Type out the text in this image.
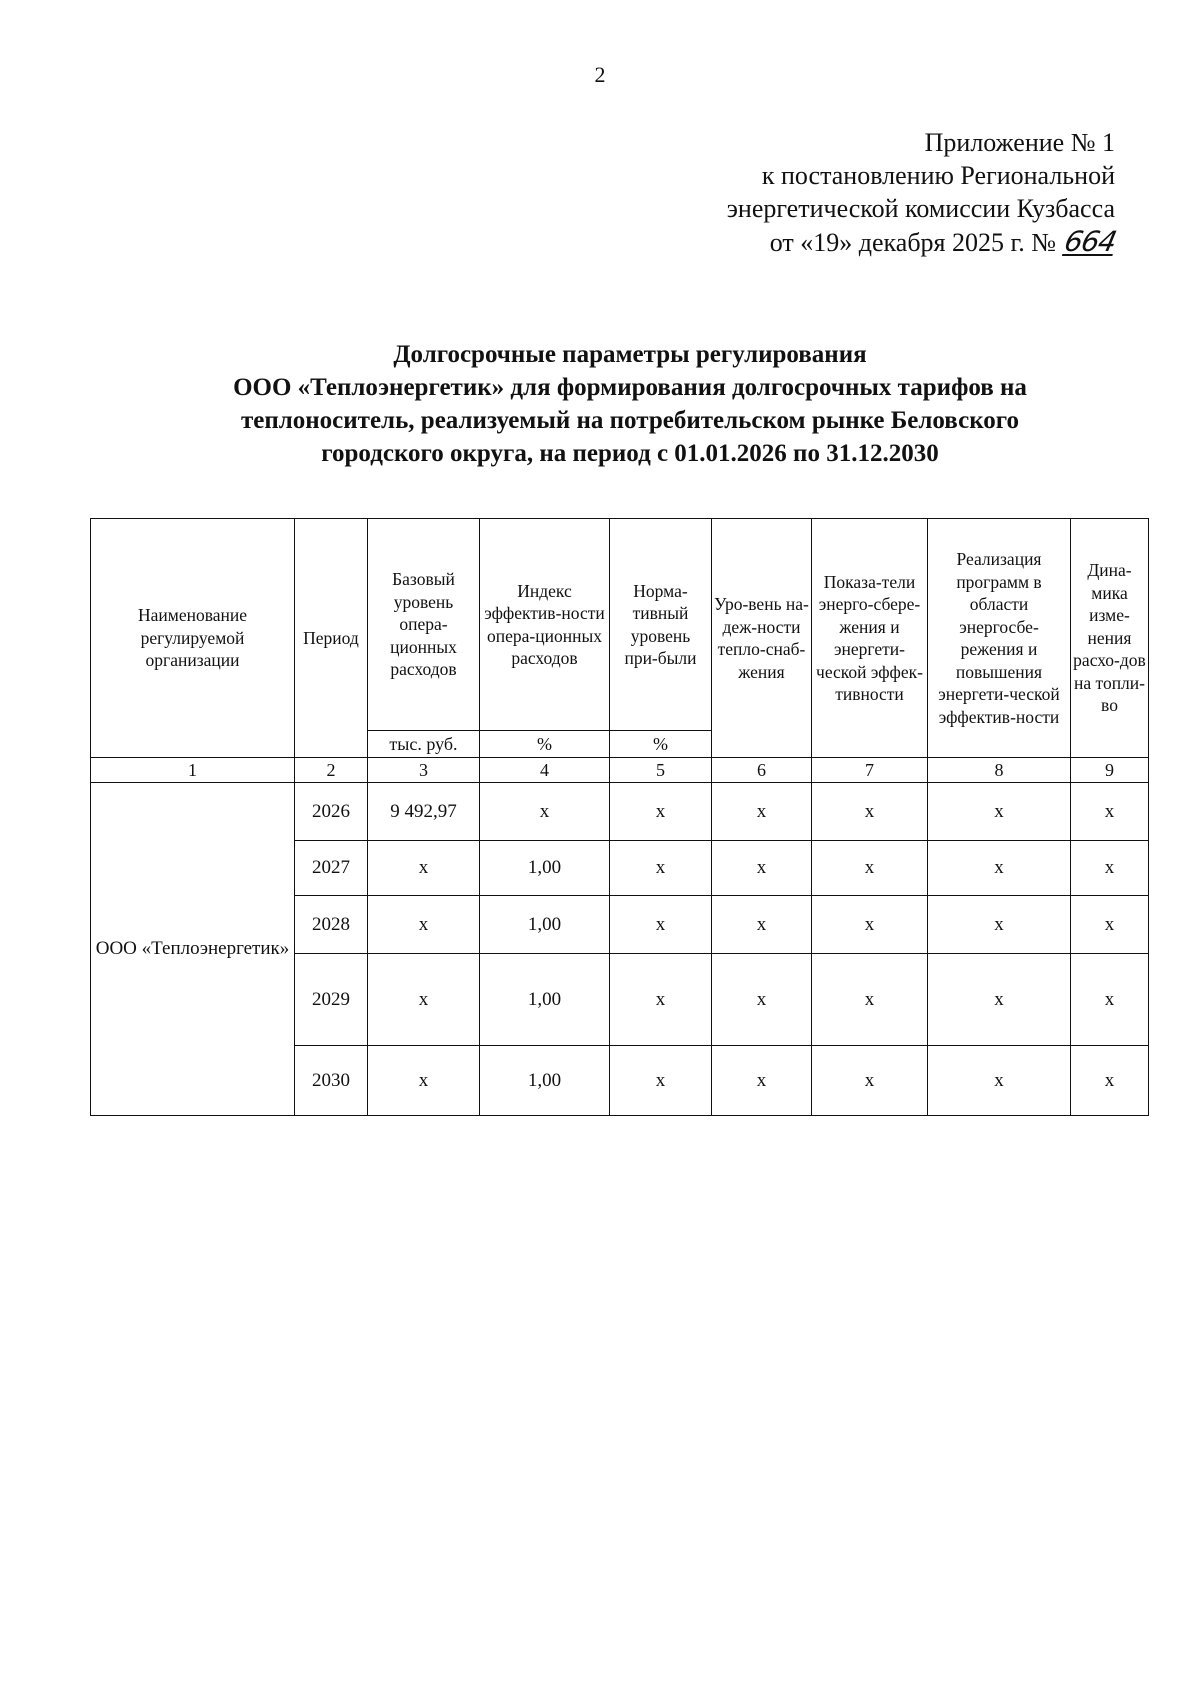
2
Приложение № 1
к постановлению Региональной
энергетической комиссии Кузбасса
от «19» декабря 2025 г. № 664
Долгосрочные параметры регулирования
ООО «Теплоэнергетик» для формирования долгосрочных тарифов на
теплоноситель, реализуемый на потребительском рынке Беловского
городского округа, на период с 01.01.2026 по 31.12.2030
Наименование регулируемой организации	Период	Базовый уровень опера-ционных расходов	Индекс эффектив-ности опера-ционных расходов	Норма-тивный уровень при-были	Уро-вень на-деж-ности тепло-снаб-жения	Показа-тели энерго-сбере-жения и энергети-ческой эффек-тивности	Реализация программ в области энергосбе-режения и повышения энергети-ческой эффектив-ности	Дина-мика изме-нения расхо-дов на топли-во
		тыс. руб.	%	%				
1	2	3	4	5	6	7	8	9
ООО «Теплоэнергетик»	2026	9 492,97	х	х	х	х	х	х
	2027	х	1,00	х	х	х	х	х
	2028	х	1,00	х	х	х	х	х
	2029	х	1,00	х	х	х	х	х
	2030	х	1,00	х	х	х	х	х
